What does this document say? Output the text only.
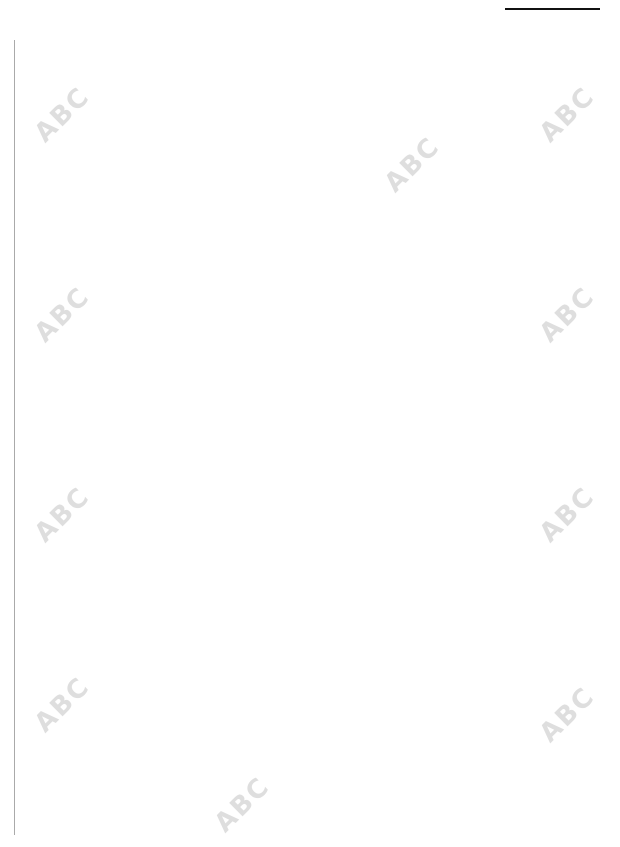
ABC
ABC
ABC
ABC
ABC
ABC
ABC
ABC
ABC
ABC
